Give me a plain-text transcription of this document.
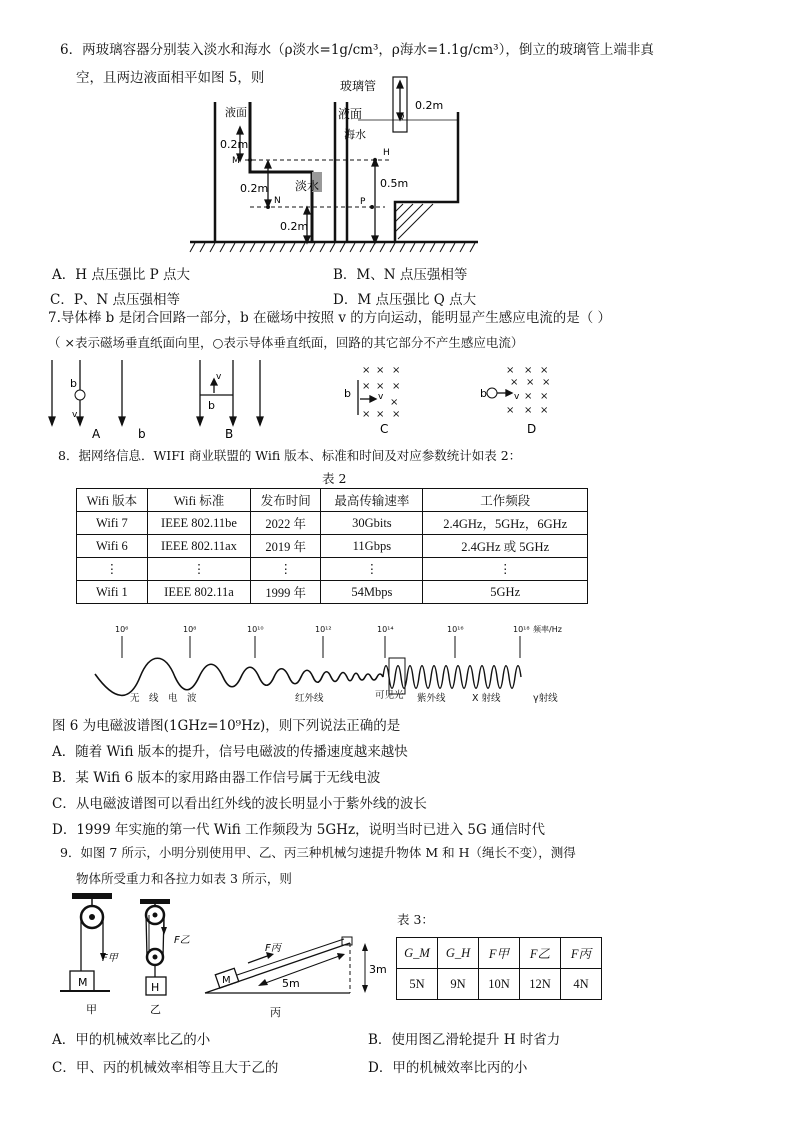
6．两玻璃容器分别装入淡水和海水（ρ淡水=1g/cm³，ρ海水=1.1g/cm³），倒立的玻璃管上端非真
空，且两边液面相平如图 5，则
液面
玻璃管
液面
海水
淡水
M
H
N	P
Q
0.2m
0.2m
0.2m
0.5m
0.2m
A．H 点压强比 P 点大	B．M、N 点压强相等
C．P、N 点压强相等	D．M 点压强比 Q 点大
7.导体棒 b 是闭合回路一部分，b 在磁场中按照 v 的方向运动，能明显产生感应电流的是（ ）
（ ×表示磁场垂直纸面向里，○表示导体垂直纸面，回路的其它部分不产生感应电流）
b
v
v
b
b	v	b	v
× × ×
× × ×
×
× × ×
× × ×
× × ×
× ×
× × ×
A	b	B	C	D
8．据网络信息．WIFI 商业联盟的 Wifi 版本、标准和时间及对应参数统计如表 2：
表 2
Wifi 版本	Wifi 标准	发布时间	最高传输速率	工作频段
Wifi 7	IEEE 802.11be	2022 年	30Gbits	2.4GHz，5GHz，6GHz
Wifi 6	IEEE 802.11ax	2019 年	11Gbps	2.4GHz 或 5GHz
⋮	⋮	⋮	⋮	⋮
Wifi 1	IEEE 802.11a	1999 年	54Mbps	5GHz
10⁶	10⁸	10¹⁰	10¹²	10¹⁴	10¹⁶	10¹⁸ 频率/Hz
无　线　电　波	红外线	可见光 紫外线	X 射线	γ射线
图 6 为电磁波谱图(1GHz=10⁹Hz)，则下列说法正确的是
A．随着 Wifi 版本的提升，信号电磁波的传播速度越来越快
B．某 Wifi 6 版本的家用路由器工作信号属于无线电波
C．从电磁波谱图可以看出红外线的波长明显小于紫外线的波长
D．1999 年实施的第一代 Wifi 工作频段为 5GHz，说明当时已进入 5G 通信时代
9．如图 7 所示，小明分别使用甲、乙、丙三种机械匀速提升物体 M 和 H（绳长不变），测得
物体所受重力和各拉力如表 3 所示，则
F甲
F乙
F丙
M	H
M	5m
3m
甲	乙	丙
表 3：
G_M	G_H	F甲	F乙	F丙
5N	9N	10N	12N	4N
A．甲的机械效率比乙的小	B．使用图乙滑轮提升 H 时省力
C．甲、丙的机械效率相等且大于乙的	D．甲的机械效率比丙的小
